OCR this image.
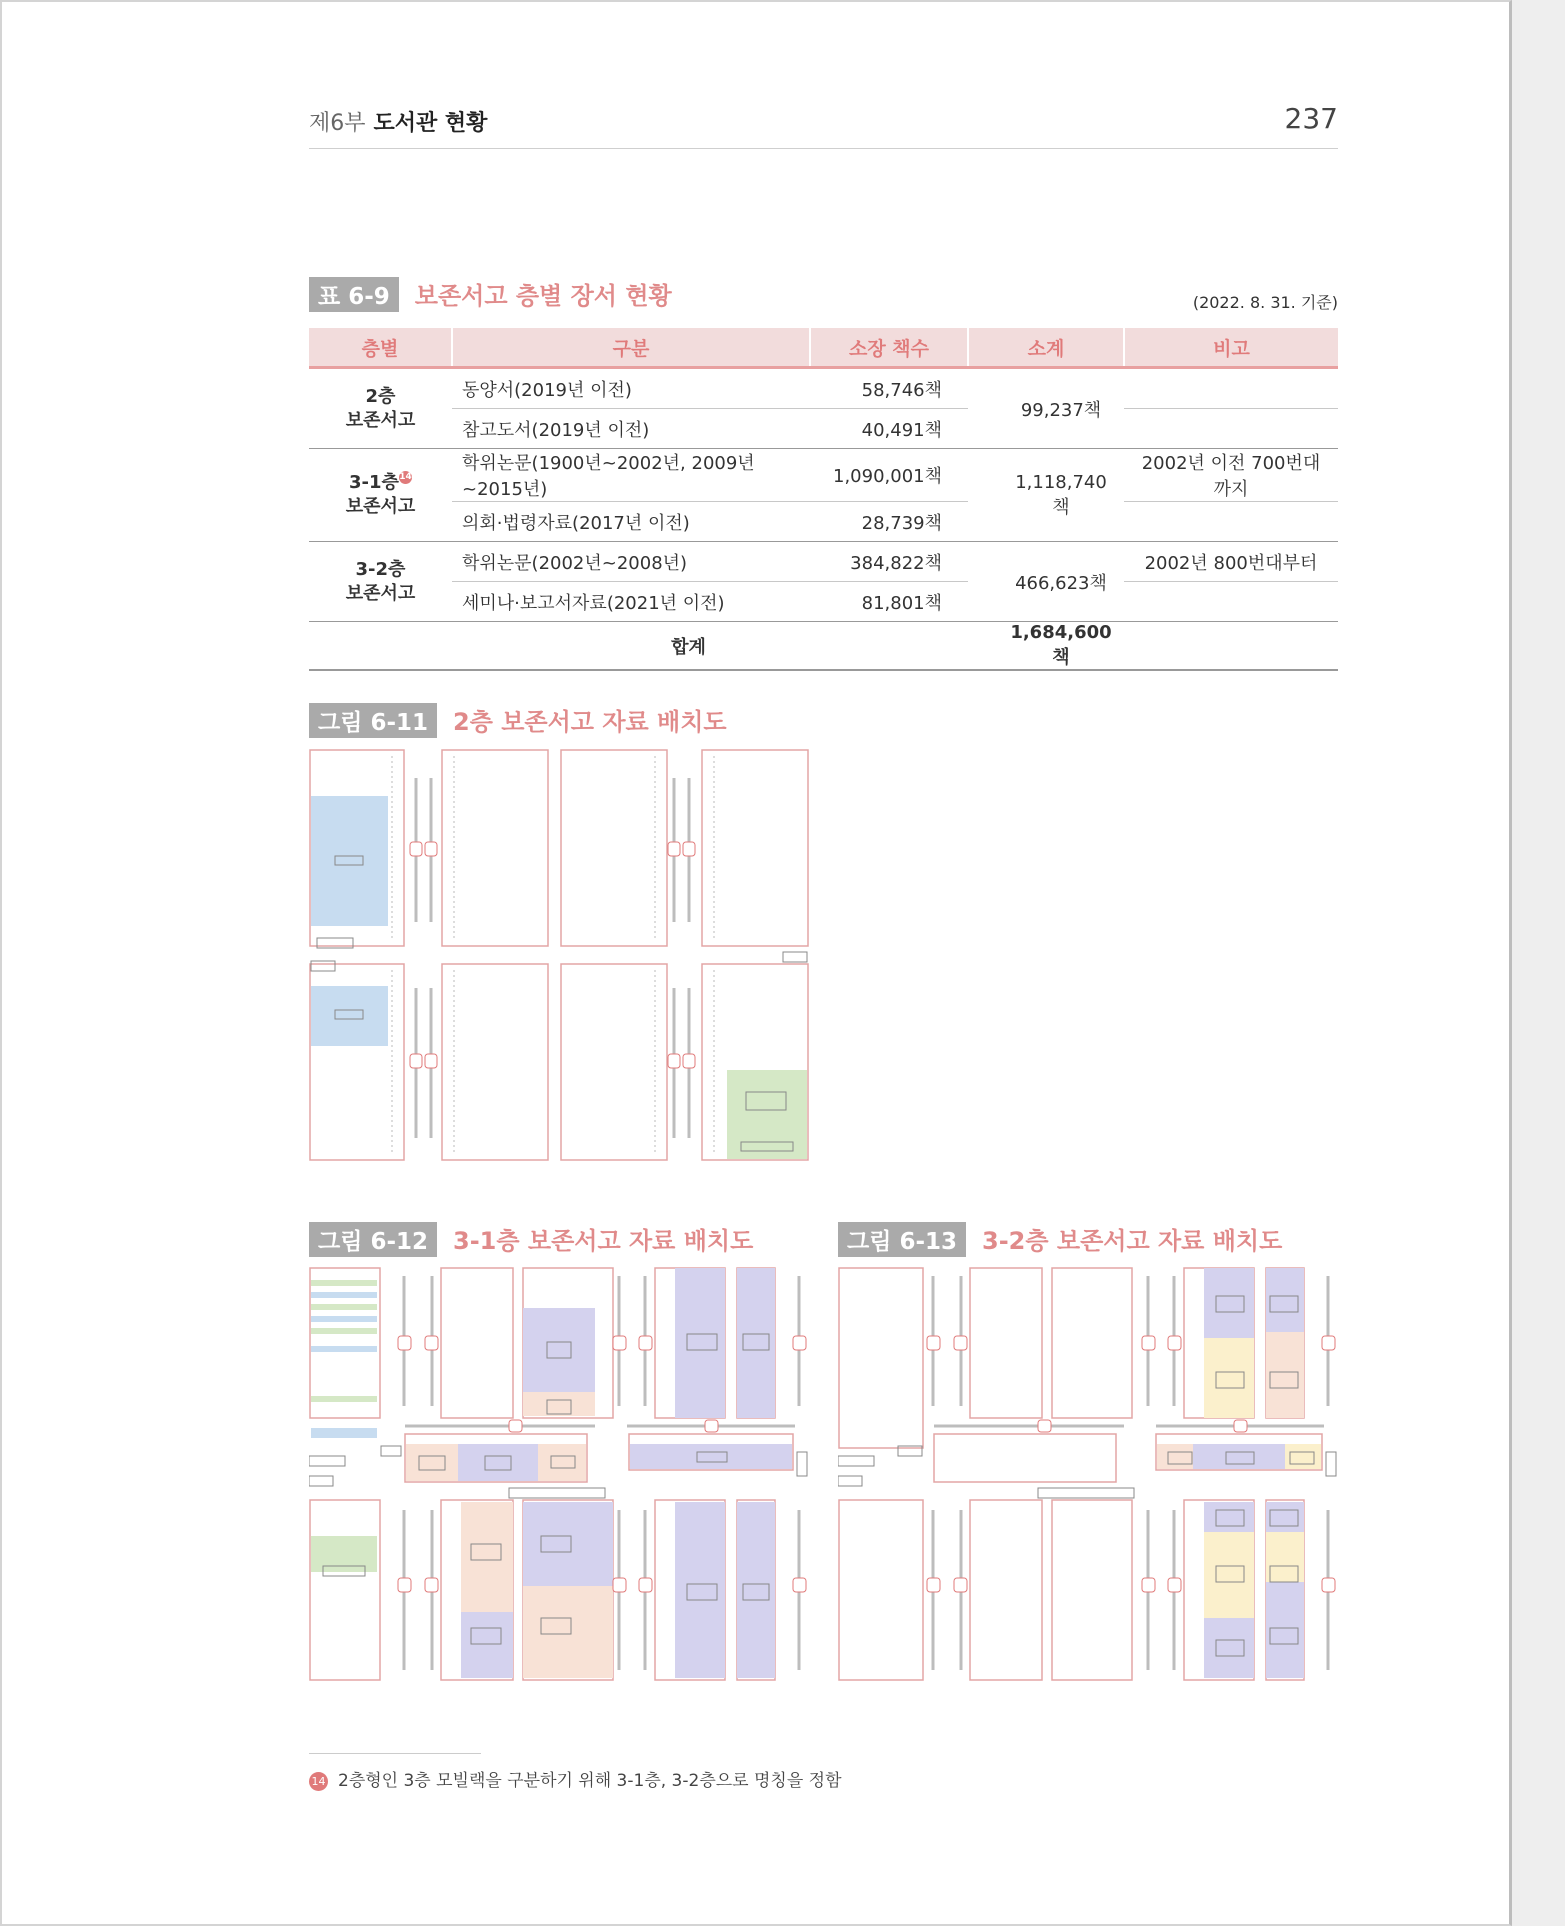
제6부 도서관 현황	237
표 6-9 보존서고 층별 장서 현황	(2022. 8. 31. 기준)
층별	구분	소장 책수	소계	비고
2층
보존서고	동양서(2019년 이전)	58,746책	99,237책	
	참고도서(2019년 이전)	40,491책		
3-1층14
보존서고	학위논문(1900년~2002년, 2009년~2015년)	1,090,001책	1,118,740책	2002년 이전 700번대까지
	의회·법령자료(2017년 이전)	28,739책		
3-2층
보존서고	학위논문(2002년~2008년)	384,822책	466,623책	2002년 800번대부터
	세미나·보고서자료(2021년 이전)	81,801책		
합계			1,684,600책	
그림 6-11 2층 보존서고 자료 배치도
그림 6-12 3-1층 보존서고 자료 배치도	그림 6-13 3-2층 보존서고 자료 배치도
14 2층형인 3층 모빌랙을 구분하기 위해 3-1층, 3-2층으로 명칭을 정함
